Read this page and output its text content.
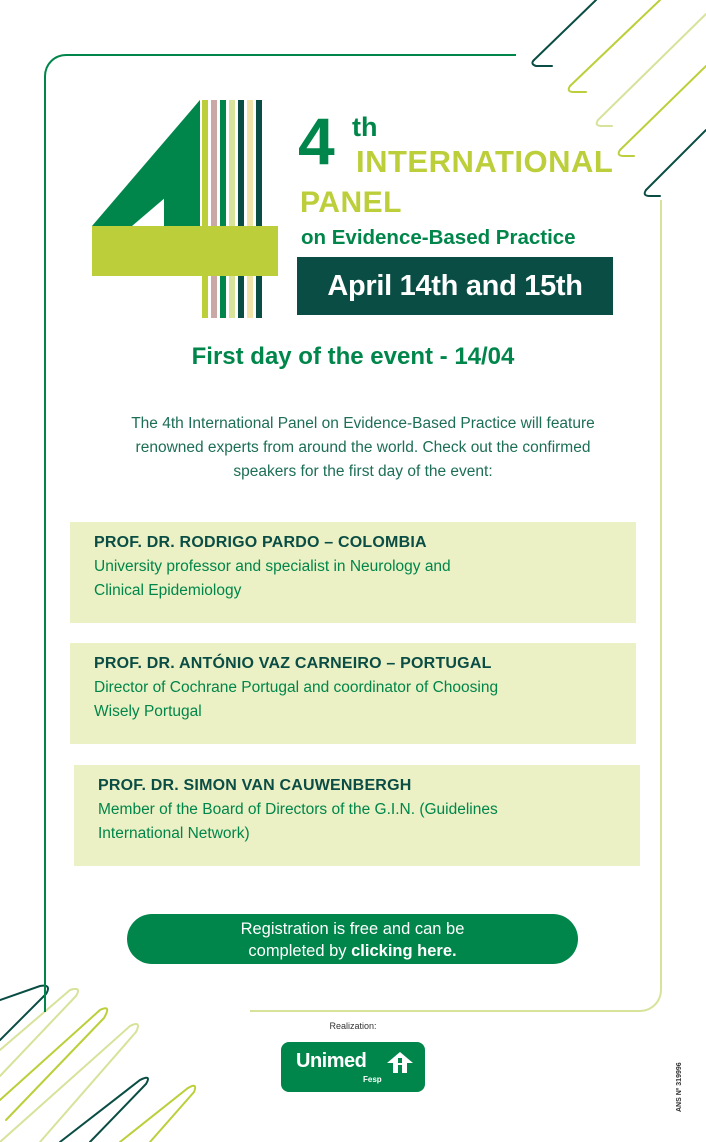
4 th
INTERNATIONAL
PANEL
on Evidence-Based Practice
April 14th and 15th
First day of the event - 14/04
The 4th International Panel on Evidence-Based Practice will feature renowned experts from around the world. Check out the confirmed speakers for the first day of the event:
PROF. DR. RODRIGO PARDO – COLOMBIA
University professor and specialist in Neurology and
Clinical Epidemiology
PROF. DR. ANTÓNIO VAZ CARNEIRO – PORTUGAL
Director of Cochrane Portugal and coordinator of Choosing
Wisely Portugal
PROF. DR. SIMON VAN CAUWENBERGH
Member of the Board of Directors of the G.I.N. (Guidelines
International Network)
Registration is free and can be
completed by clicking here.
Realization:
Unimed
Fesp	ANS Nº 319996
